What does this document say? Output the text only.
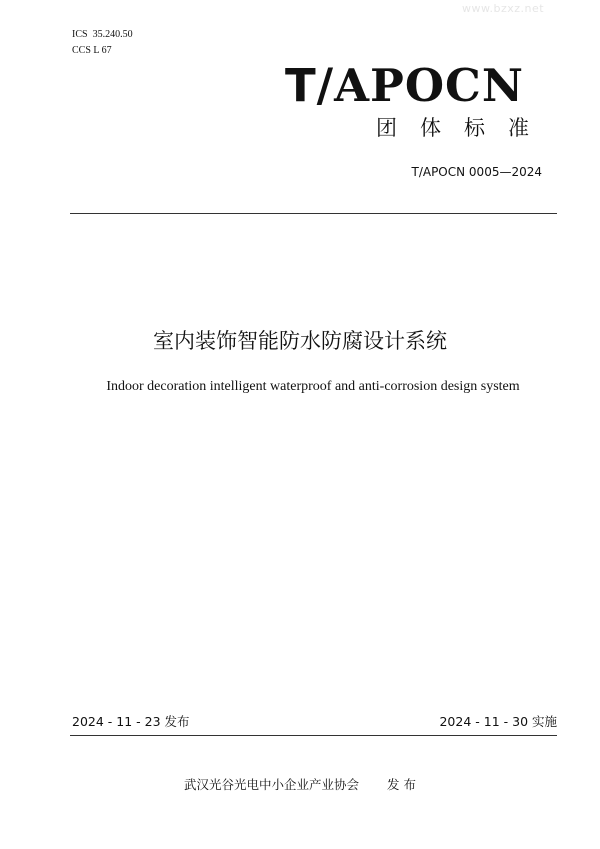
www.bzxz.net
ICS 35.240.50
CCS L 67
T/APOCN
团体标准
T/APOCN 0005—2024
室内装饰智能防水防腐设计系统
Indoor decoration intelligent waterproof and anti-corrosion design system
2024 - 11 - 23 发布	2024 - 11 - 30 实施
武汉光谷光电中小企业产业协会 发 布
